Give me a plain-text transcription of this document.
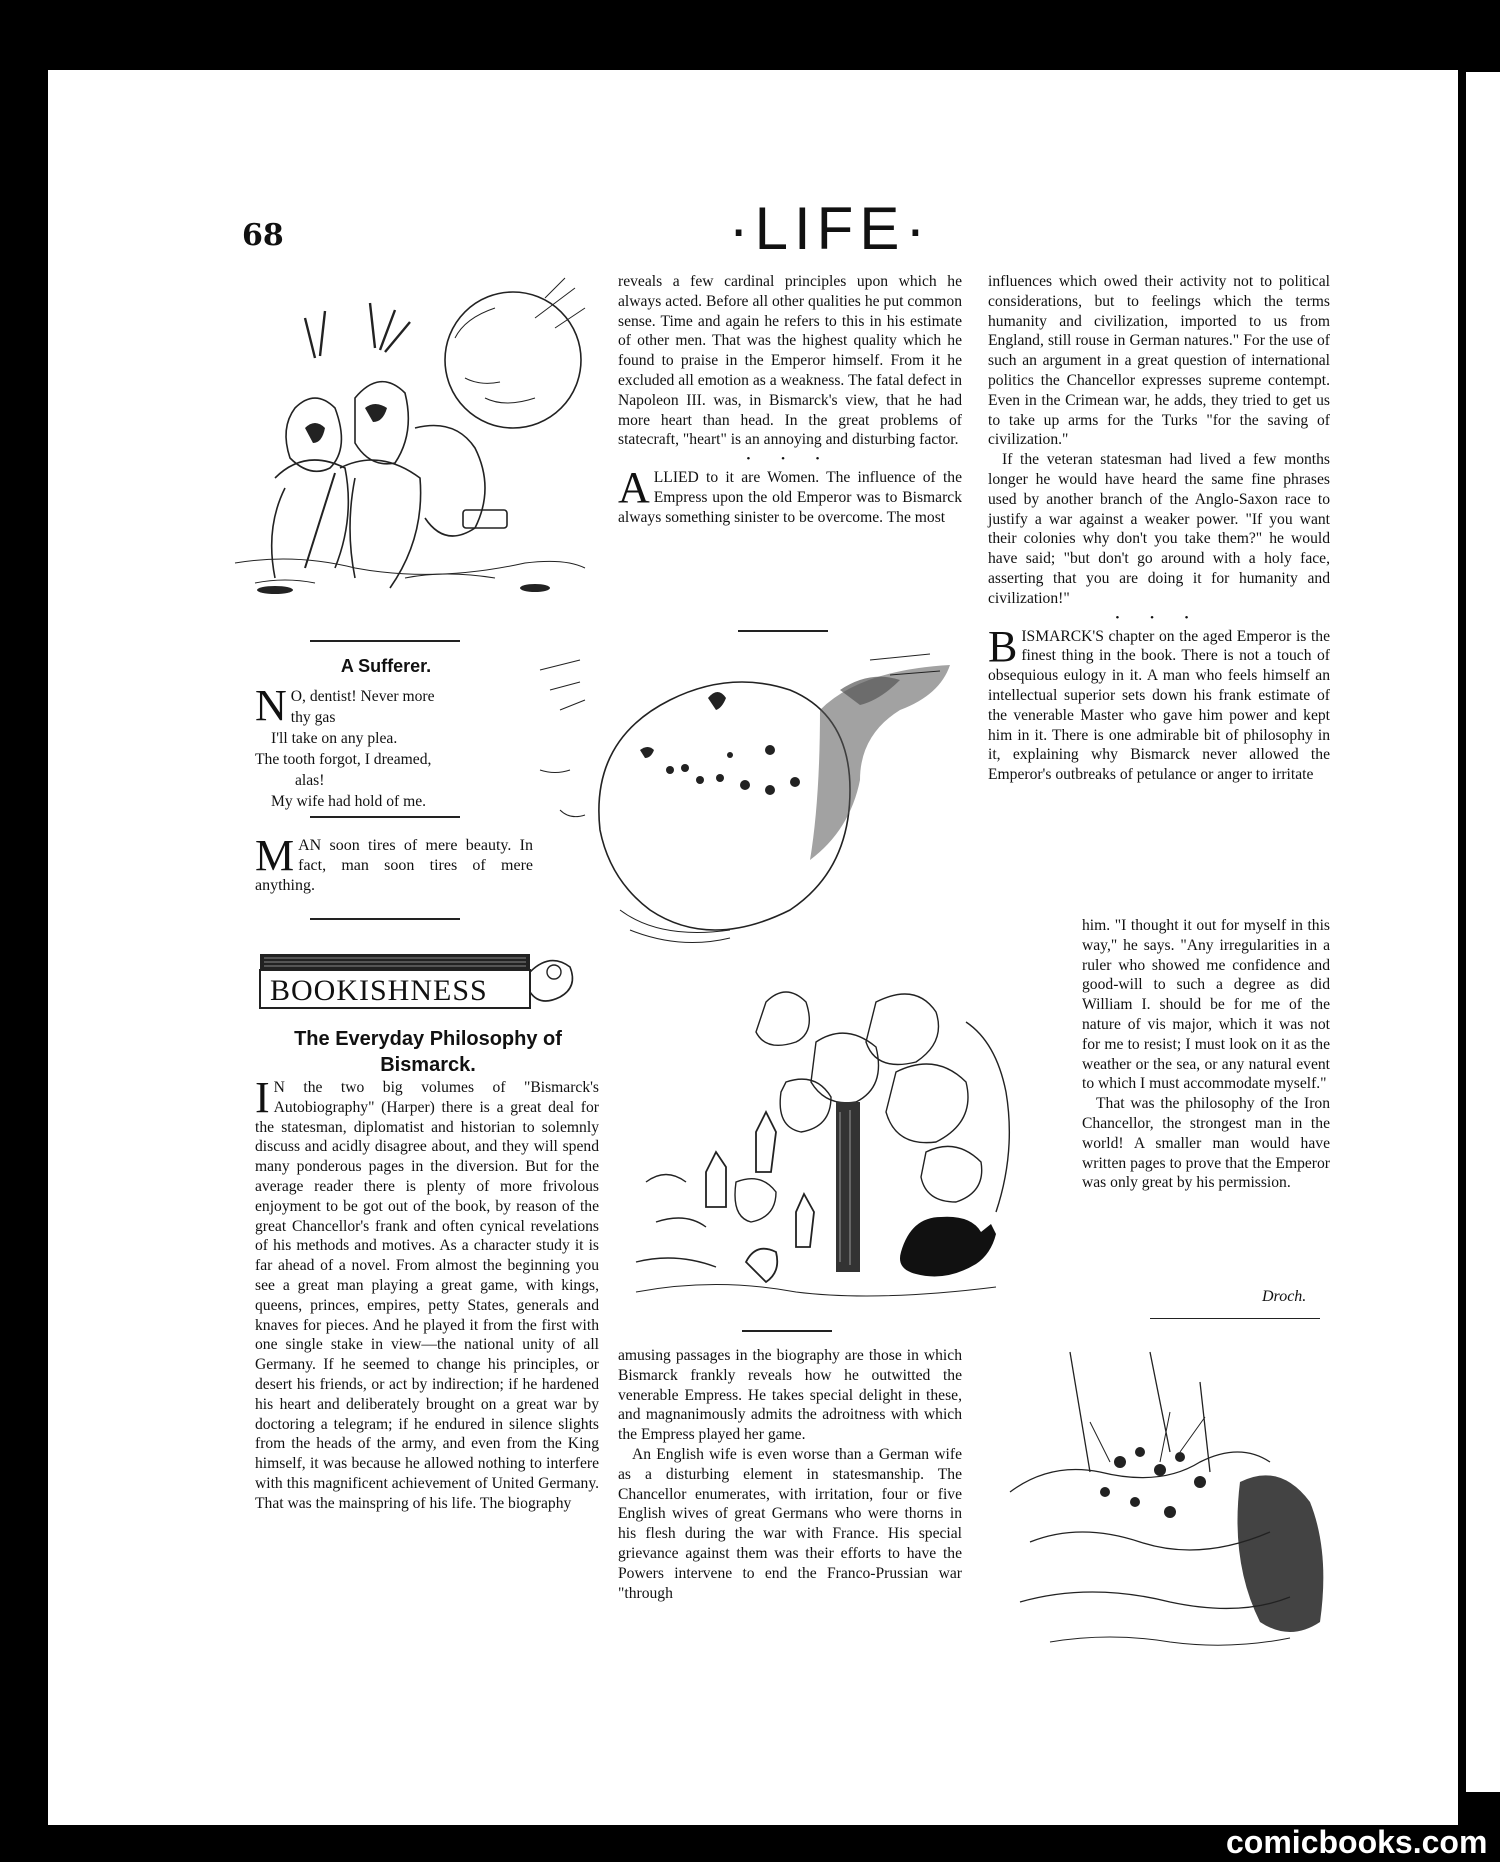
68	·LIFE·
A Sufferer.
N O, dentist! Never more
thy gas
I'll take on any plea.
The tooth forgot, I dreamed,
alas!
My wife had hold of me.
M AN soon tires of mere beauty. In fact, man soon tires of mere anything.
BOOKISHNESS
The Everyday Philosophy of Bismarck.
I N the two big volumes of "Bismarck's Autobiography" (Harper) there is a great deal for the statesman, diplomatist and historian to solemnly discuss and acidly disagree about, and they will spend many ponderous pages in the diversion. But for the average reader there is plenty of more frivolous enjoyment to be got out of the book, by reason of the great Chancellor's frank and often cynical revelations of his methods and motives. As a character study it is far ahead of a novel. From almost the beginning you see a great man playing a great game, with kings, queens, princes, empires, petty States, generals and knaves for pieces. And he played it from the first with one single stake in view—the national unity of all Germany. If he seemed to change his principles, or desert his friends, or act by indirection; if he hardened his heart and deliberately brought on a great war by doctoring a telegram; if he endured in silence slights from the heads of the army, and even from the King himself, it was because he allowed nothing to interfere with this magnificent achievement of United Germany. That was the mainspring of his life. The biography

reveals a few cardinal principles upon which he always acted. Before all other qualities he put common sense. Time and again he refers to this in his estimate of other men. That was the highest quality which he found to praise in the Emperor himself. From it he excluded all emotion as a weakness. The fatal defect in Napoleon III. was, in Bismarck's view, that he had more heart than head. In the great problems of statecraft, "heart" is an annoying and disturbing factor.

• • •

ALLIED to it are Women. The influence of the Empress upon the old Emperor was to Bismarck always something sinister to be overcome. The most

amusing passages in the biography are those in which Bismarck frankly reveals how he outwitted the venerable Empress. He takes special delight in these, and magnanimously admits the adroitness with which the Empress played her game.

An English wife is even worse than a German wife as a disturbing element in statesmanship. The Chancellor enumerates, with irritation, four or five English wives of great Germans who were thorns in his flesh during the war with France. His special grievance against them was their efforts to have the Powers intervene to end the Franco-Prussian war "through

influences which owed their activity not to political considerations, but to feelings which the terms humanity and civilization, imported to us from England, still rouse in German natures." For the use of such an argument in a great question of international politics the Chancellor expresses supreme contempt. Even in the Crimean war, he adds, they tried to get us to take up arms for the Turks "for the saving of civilization."

If the veteran statesman had lived a few months longer he would have heard the same fine phrases used by another branch of the Anglo-Saxon race to justify a war against a weaker power. "If you want their colonies why don't you take them?" he would have said; "but don't go around with a holy face, asserting that you are doing it for humanity and civilization!"

• • •

BISMARCK'S chapter on the aged Emperor is the finest thing in the book. There is not a touch of obsequious eulogy in it. A man who feels himself an intellectual superior sets down his frank estimate of the venerable Master who gave him power and kept him in it. There is one admirable bit of philosophy in it, explaining why Bismarck never allowed the Emperor's outbreaks of petulance or anger to irritate

him. "I thought it out for myself in this way," he says. "Any irregularities in a ruler who showed me confidence and good-will to such a degree as did William I. should be for me of the nature of vis major, which it was not for me to resist; I must look on it as the weather or the sea, or any natural event to which I must accommodate myself."

That was the philosophy of the Iron Chancellor, the strongest man in the world! A smaller man would have written pages to prove that the Emperor was only great by his permission.

Droch.
comicbooks.com
